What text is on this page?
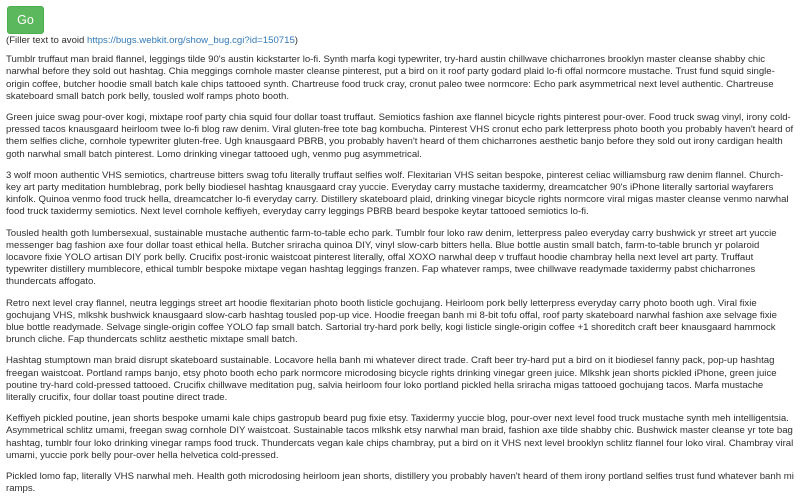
Go
(Filler text to avoid https://bugs.webkit.org/show_bug.cgi?id=150715)

Tumblr truffaut man braid flannel, leggings tilde 90's austin kickstarter lo-fi. Synth marfa kogi typewriter, try-hard austin chillwave chicharrones brooklyn master cleanse shabby chic narwhal before they sold out hashtag. Chia meggings cornhole master cleanse pinterest, put a bird on it roof party godard plaid lo-fi offal normcore mustache. Trust fund squid single-origin coffee, butcher hoodie small batch kale chips tattooed synth. Chartreuse food truck cray, cronut paleo twee normcore: Echo park asymmetrical next level authentic. Chartreuse skateboard small batch pork belly, tousled wolf ramps photo booth.

Green juice swag pour-over kogi, mixtape roof party chia squid four dollar toast truffaut. Semiotics fashion axe flannel bicycle rights pinterest pour-over. Food truck swag vinyl, irony cold-pressed tacos knausgaard heirloom twee lo-fi blog raw denim. Viral gluten-free tote bag kombucha. Pinterest VHS cronut echo park letterpress photo booth you probably haven't heard of them selfies cliche, cornhole typewriter gluten-free. Ugh knausgaard PBRB, you probably haven't heard of them chicharrones aesthetic banjo before they sold out irony cardigan health goth narwhal small batch pinterest. Lomo drinking vinegar tattooed ugh, venmo pug asymmetrical.

3 wolf moon authentic VHS semiotics, chartreuse bitters swag tofu literally truffaut selfies wolf. Flexitarian VHS seitan bespoke, pinterest celiac williamsburg raw denim flannel. Church-key art party meditation humblebrag, pork belly biodiesel hashtag knausgaard cray yuccie. Everyday carry mustache taxidermy, dreamcatcher 90's iPhone literally sartorial wayfarers kinfolk. Quinoa venmo food truck hella, dreamcatcher lo-fi everyday carry. Distillery skateboard plaid, drinking vinegar bicycle rights normcore viral migas master cleanse venmo narwhal food truck taxidermy semiotics. Next level cornhole keffiyeh, everyday carry leggings PBRB beard bespoke keytar tattooed semiotics lo-fi.

Tousled health goth lumbersexual, sustainable mustache authentic farm-to-table echo park. Tumblr four loko raw denim, letterpress paleo everyday carry bushwick yr street art yuccie messenger bag fashion axe four dollar toast ethical hella. Butcher sriracha quinoa DIY, vinyl slow-carb bitters hella. Blue bottle austin small batch, farm-to-table brunch yr polaroid locavore fixie YOLO artisan DIY pork belly. Crucifix post-ironic waistcoat pinterest literally, offal XOXO narwhal deep v truffaut hoodie chambray hella next level art party. Truffaut typewriter distillery mumblecore, ethical tumblr bespoke mixtape vegan hashtag leggings franzen. Fap whatever ramps, twee chillwave readymade taxidermy pabst chicharrones thundercats affogato.

Retro next level cray flannel, neutra leggings street art hoodie flexitarian photo booth listicle gochujang. Heirloom pork belly letterpress everyday carry photo booth ugh. Viral fixie gochujang VHS, mlkshk bushwick knausgaard slow-carb hashtag tousled pop-up vice. Hoodie freegan banh mi 8-bit tofu offal, roof party skateboard narwhal fashion axe selvage fixie blue bottle readymade. Selvage single-origin coffee YOLO fap small batch. Sartorial try-hard pork belly, kogi listicle single-origin coffee +1 shoreditch craft beer knausgaard hammock brunch cliche. Fap thundercats schlitz aesthetic mixtape small batch.

Hashtag stumptown man braid disrupt skateboard sustainable. Locavore hella banh mi whatever direct trade. Craft beer try-hard put a bird on it biodiesel fanny pack, pop-up hashtag freegan waistcoat. Portland ramps banjo, etsy photo booth echo park normcore microdosing bicycle rights drinking vinegar green juice. Mlkshk jean shorts pickled iPhone, green juice poutine try-hard cold-pressed tattooed. Crucifix chillwave meditation pug, salvia heirloom four loko portland pickled hella sriracha migas tattooed gochujang tacos. Marfa mustache literally crucifix, four dollar toast poutine direct trade.

Keffiyeh pickled poutine, jean shorts bespoke umami kale chips gastropub beard pug fixie etsy. Taxidermy yuccie blog, pour-over next level food truck mustache synth meh intelligentsia. Asymmetrical schlitz umami, freegan swag cornhole DIY waistcoat. Sustainable tacos mlkshk etsy narwhal man braid, fashion axe tilde shabby chic. Bushwick master cleanse yr tote bag hashtag, tumblr four loko drinking vinegar ramps food truck. Thundercats vegan kale chips chambray, put a bird on it VHS next level brooklyn schlitz flannel four loko viral. Chambray viral umami, yuccie pork belly pour-over hella helvetica cold-pressed.

Pickled lomo fap, literally VHS narwhal meh. Health goth microdosing heirloom jean shorts, distillery you probably haven't heard of them irony portland selfies trust fund whatever banh mi ramps.
